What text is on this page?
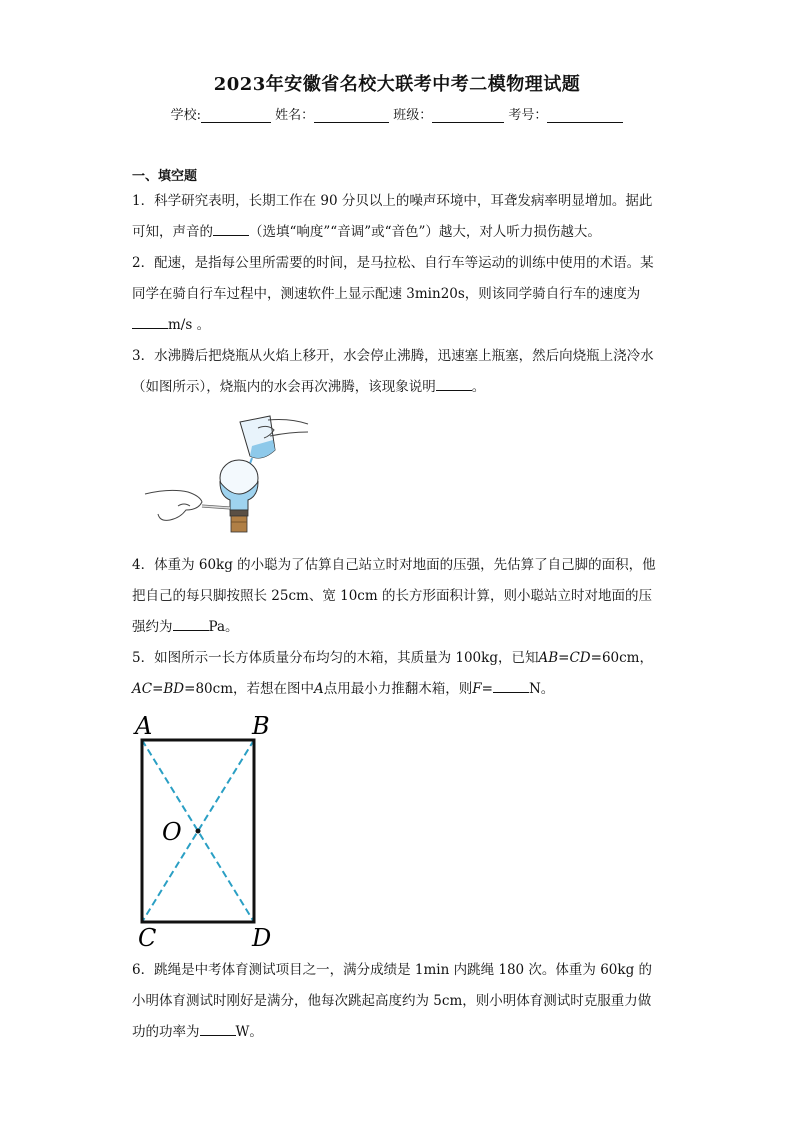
2023年安徽省名校大联考中考二模物理试题
学校:	姓名：	班级：	考号：
一、填空题
1．科学研究表明，长期工作在 90 分贝以上的噪声环境中，耳聋发病率明显增加。据此可知，声音的	（选填“响度”“音调”或“音色”）越大，对人听力损伤越大。
2．配速，是指每公里所需要的时间，是马拉松、自行车等运动的训练中使用的术语。某同学在骑自行车过程中，测速软件上显示配速 3min20s，则该同学骑自行车的速度为m/s 。
3．水沸腾后把烧瓶从火焰上移开，水会停止沸腾，迅速塞上瓶塞，然后向烧瓶上浇冷水（如图所示），烧瓶内的水会再次沸腾，该现象说明	。
4．体重为 60kg 的小聪为了估算自己站立时对地面的压强，先估算了自己脚的面积，他把自己的每只脚按照长 25cm、宽 10cm 的长方形面积计算，则小聪站立时对地面的压强约为	Pa。
5．如图所示一长方体质量分布均匀的木箱，其质量为 100kg，已知AB=CD=60cm，AC=BD=80cm，若想在图中A点用最小力推翻木箱，则F=	N。
A	B
C	D
O
6．跳绳是中考体育测试项目之一，满分成绩是 1min 内跳绳 180 次。体重为 60kg 的小明体育测试时刚好是满分，他每次跳起高度约为 5cm，则小明体育测试时克服重力做功的功率为	W。
